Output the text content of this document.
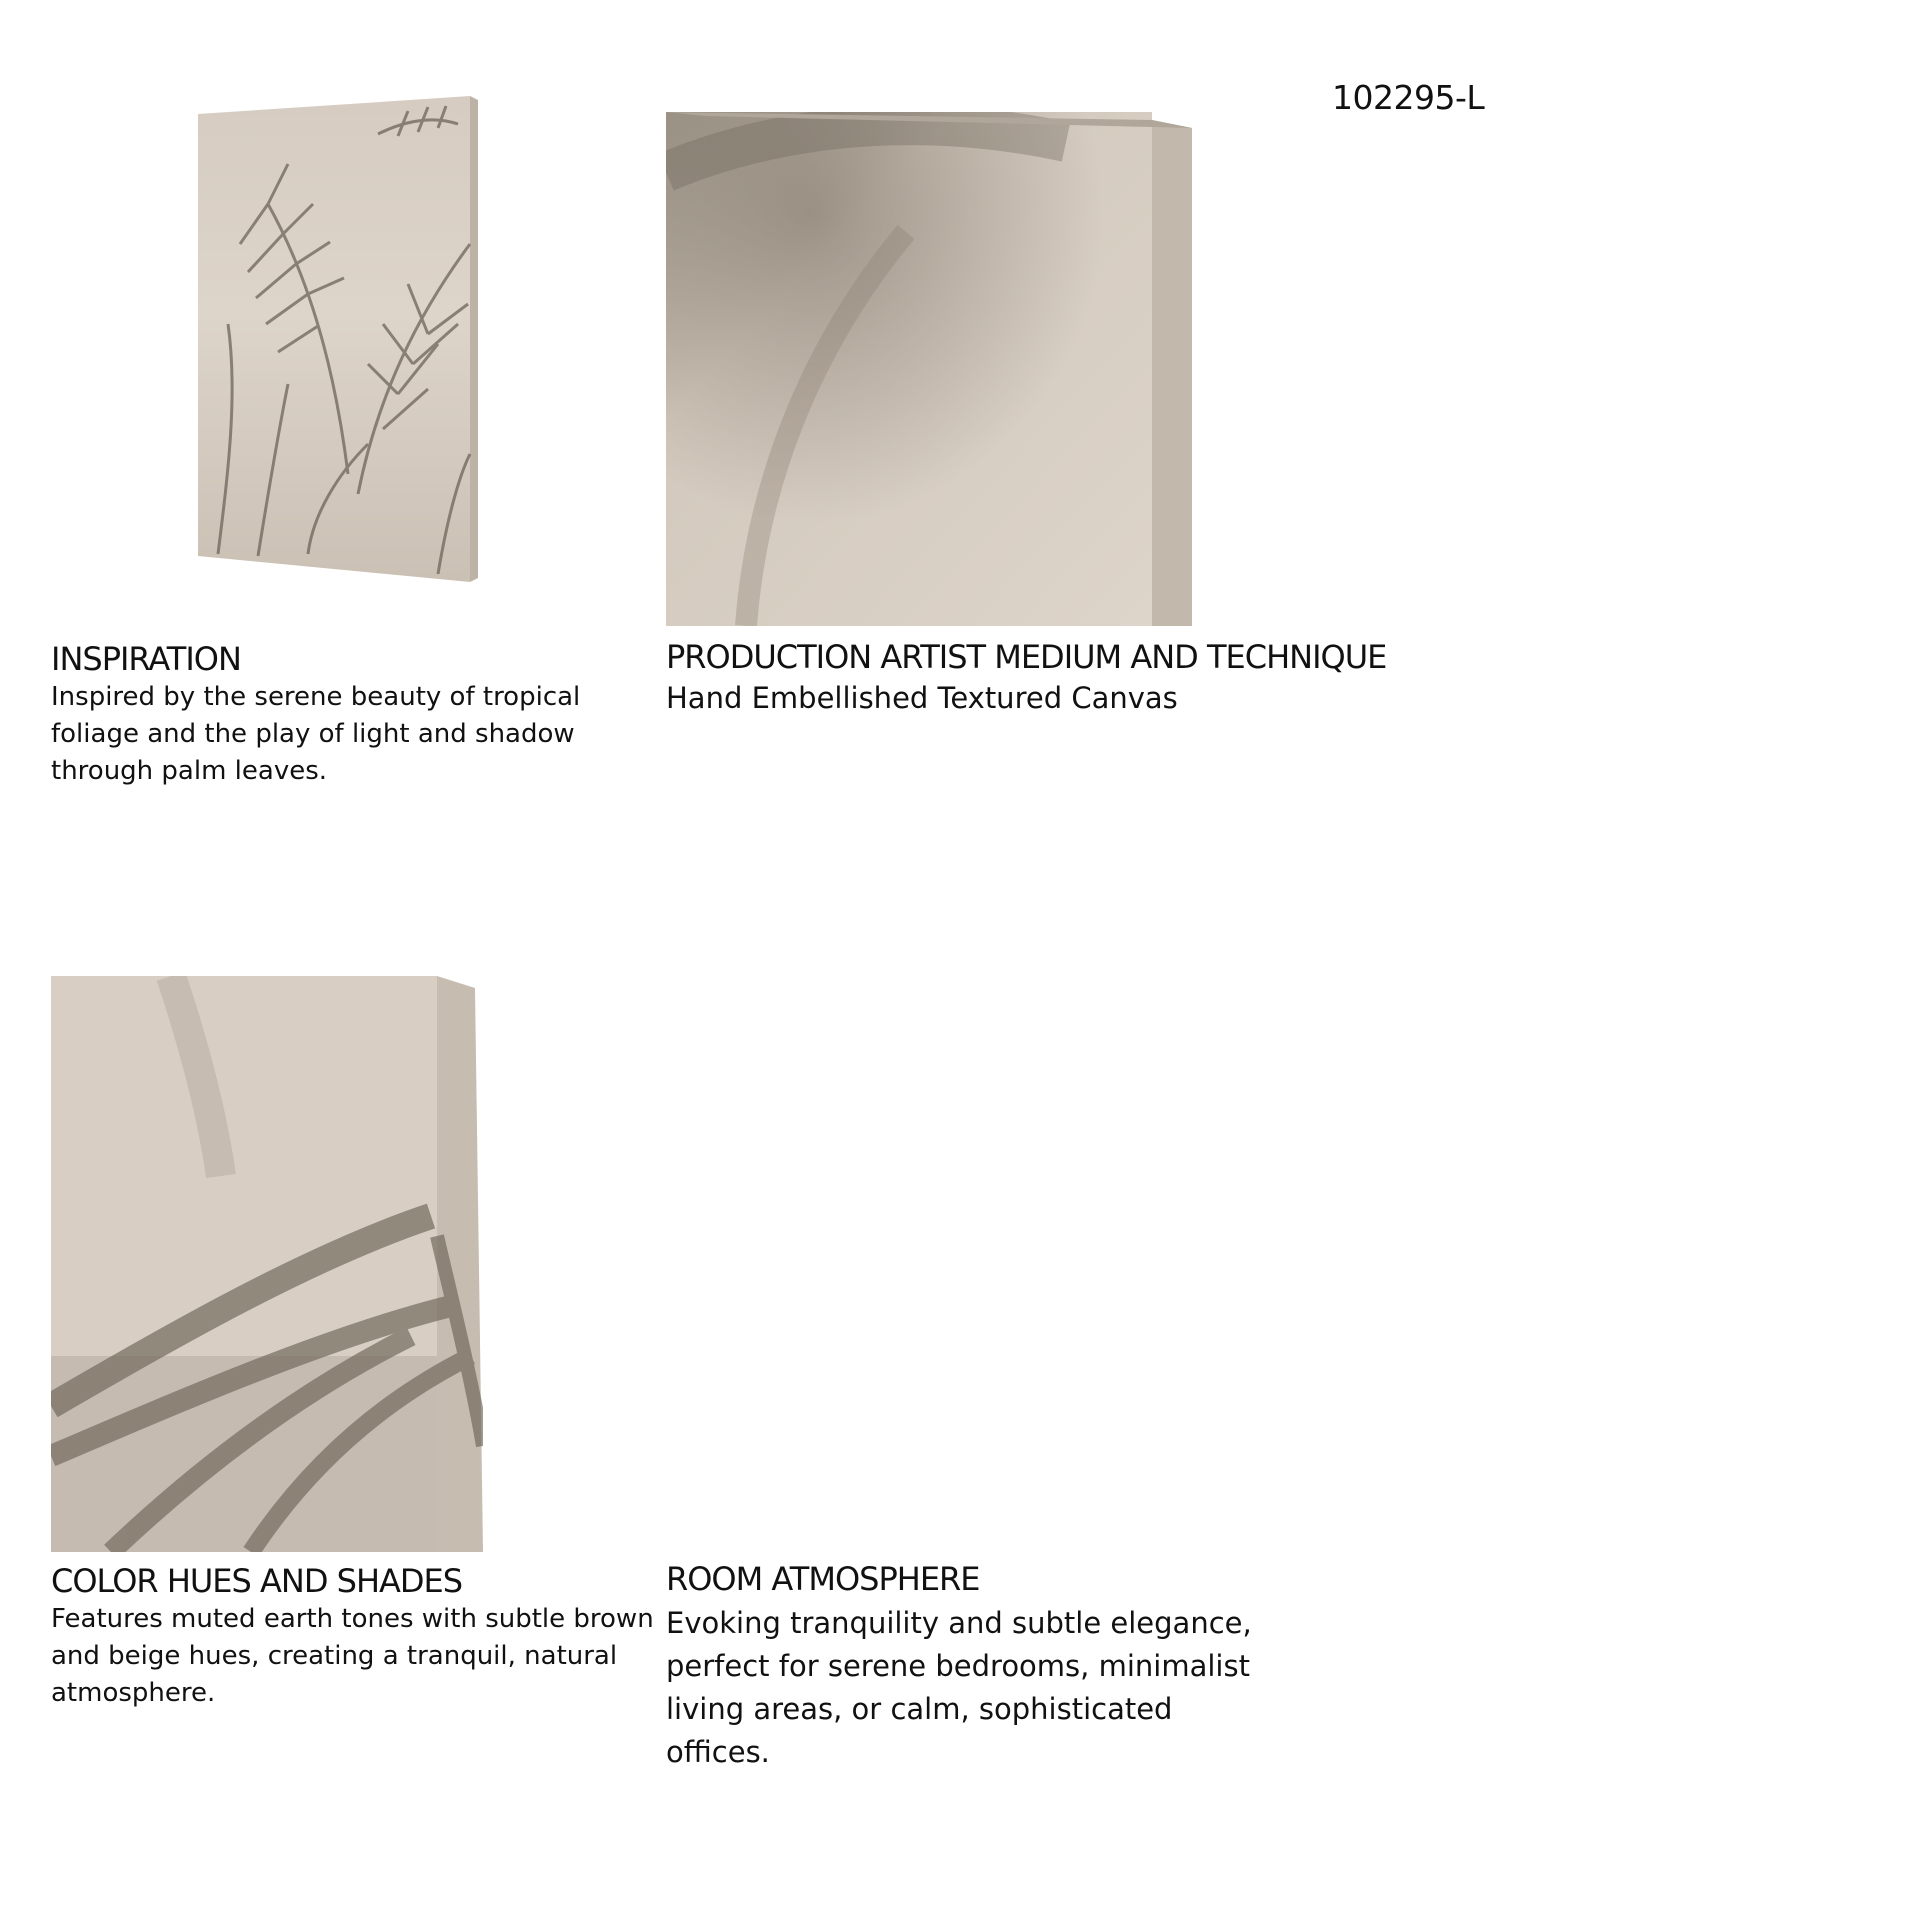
102295-L
INSPIRATION
Inspired by the serene beauty of tropical
foliage and the play of light and shadow
through palm leaves.
PRODUCTION ARTIST MEDIUM AND TECHNIQUE
Hand Embellished Textured Canvas
COLOR HUES AND SHADES
Features muted earth tones with subtle brown
and beige hues, creating a tranquil, natural
atmosphere.
ROOM ATMOSPHERE
Evoking tranquility and subtle elegance,
perfect for serene bedrooms, minimalist
living areas, or calm, sophisticated
offices.
